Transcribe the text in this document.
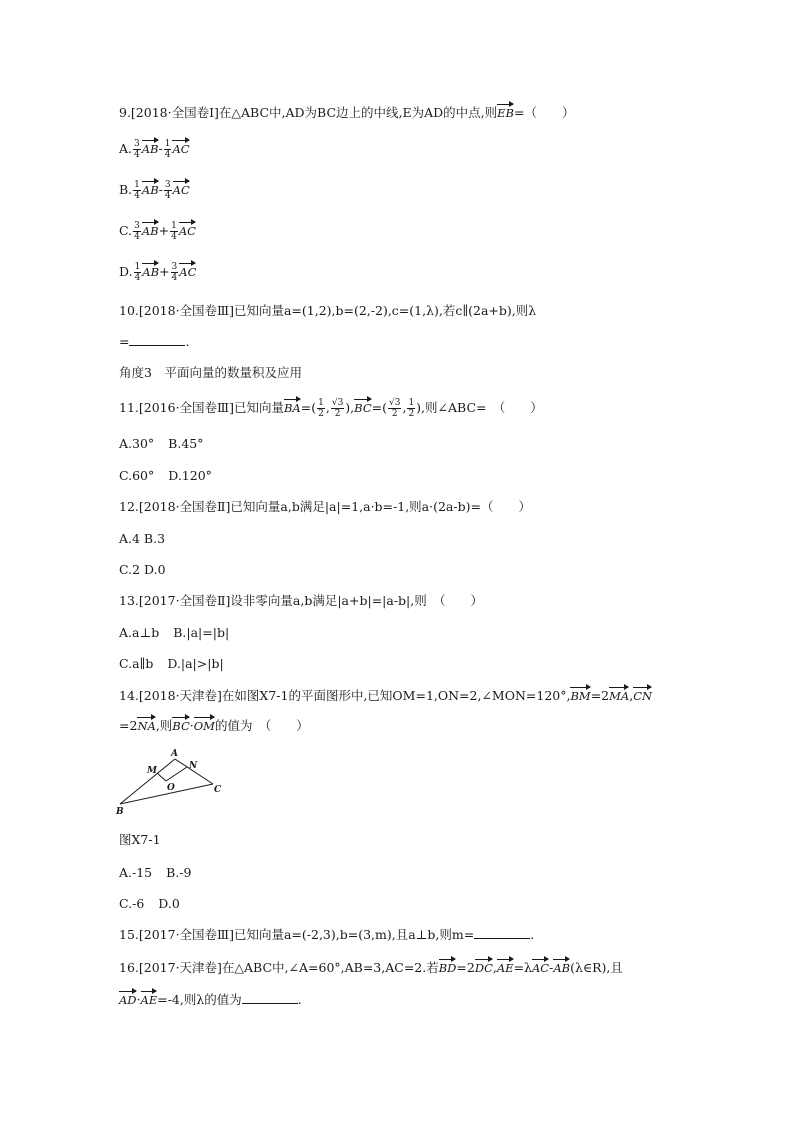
9.[2018·全国卷Ⅰ]在△ABC中,AD为BC边上的中线,E为AD的中点,则EB=（　　）
A. $\frac{3}{4} AB- \frac{1}{4}$ AC
B. $\frac{1}{4} AB- \frac{3}{4}$ AC
C. $\frac{3}{4} AB+ \frac{1}{4}$ AC
D. $\frac{1}{4} AB+ \frac{3}{4}$ AC
10.[2018·全国卷Ⅲ]已知向量a=(1,2),b=(2,-2),c=(1,λ),若c∥(2a+b),则λ
=	.
角度3　平面向量的数量积及应用
11.[2016·全国卷Ⅲ]已知向量$BA=( \frac{1}{2}$ , $\frac{√3}{2} ),BC=( \frac{√3}{2}$ , $\frac{1}{2}$ ),则∠ABC=　（　　）
A.30° B.45°
C.60° D.120°
12.[2018·全国卷Ⅱ]已知向量a,b满足|a|=1,a·b=-1,则a·(2a-b)=（　　）
A.4 B.3
C.2 D.0
13.[2017·全国卷Ⅱ]设非零向量a,b满足|a+b|=|a-b|,则　（　　）
A.a⊥b B.|a|=|b|
C.a∥b D.|a|>|b|
14.[2018·天津卷]在如图X7-1的平面图形中,已知OM=1,ON=2,∠MON=120°,BM=2MA,CN
=2NA,则BC·OM的值为　（　　）
A
M	N
O	C
B
图X7-1
A.-15 B.-9
C.-6 D.0
15.[2017·全国卷Ⅲ]已知向量a=(-2,3),b=(3,m),且a⊥b,则m=	.
16.[2017·天津卷]在△ABC中,∠A=60°,AB=3,AC=2.若BD=2DC,AE=λAC-AB(λ∈R),且
AD·AE=-4,则λ的值为	.
